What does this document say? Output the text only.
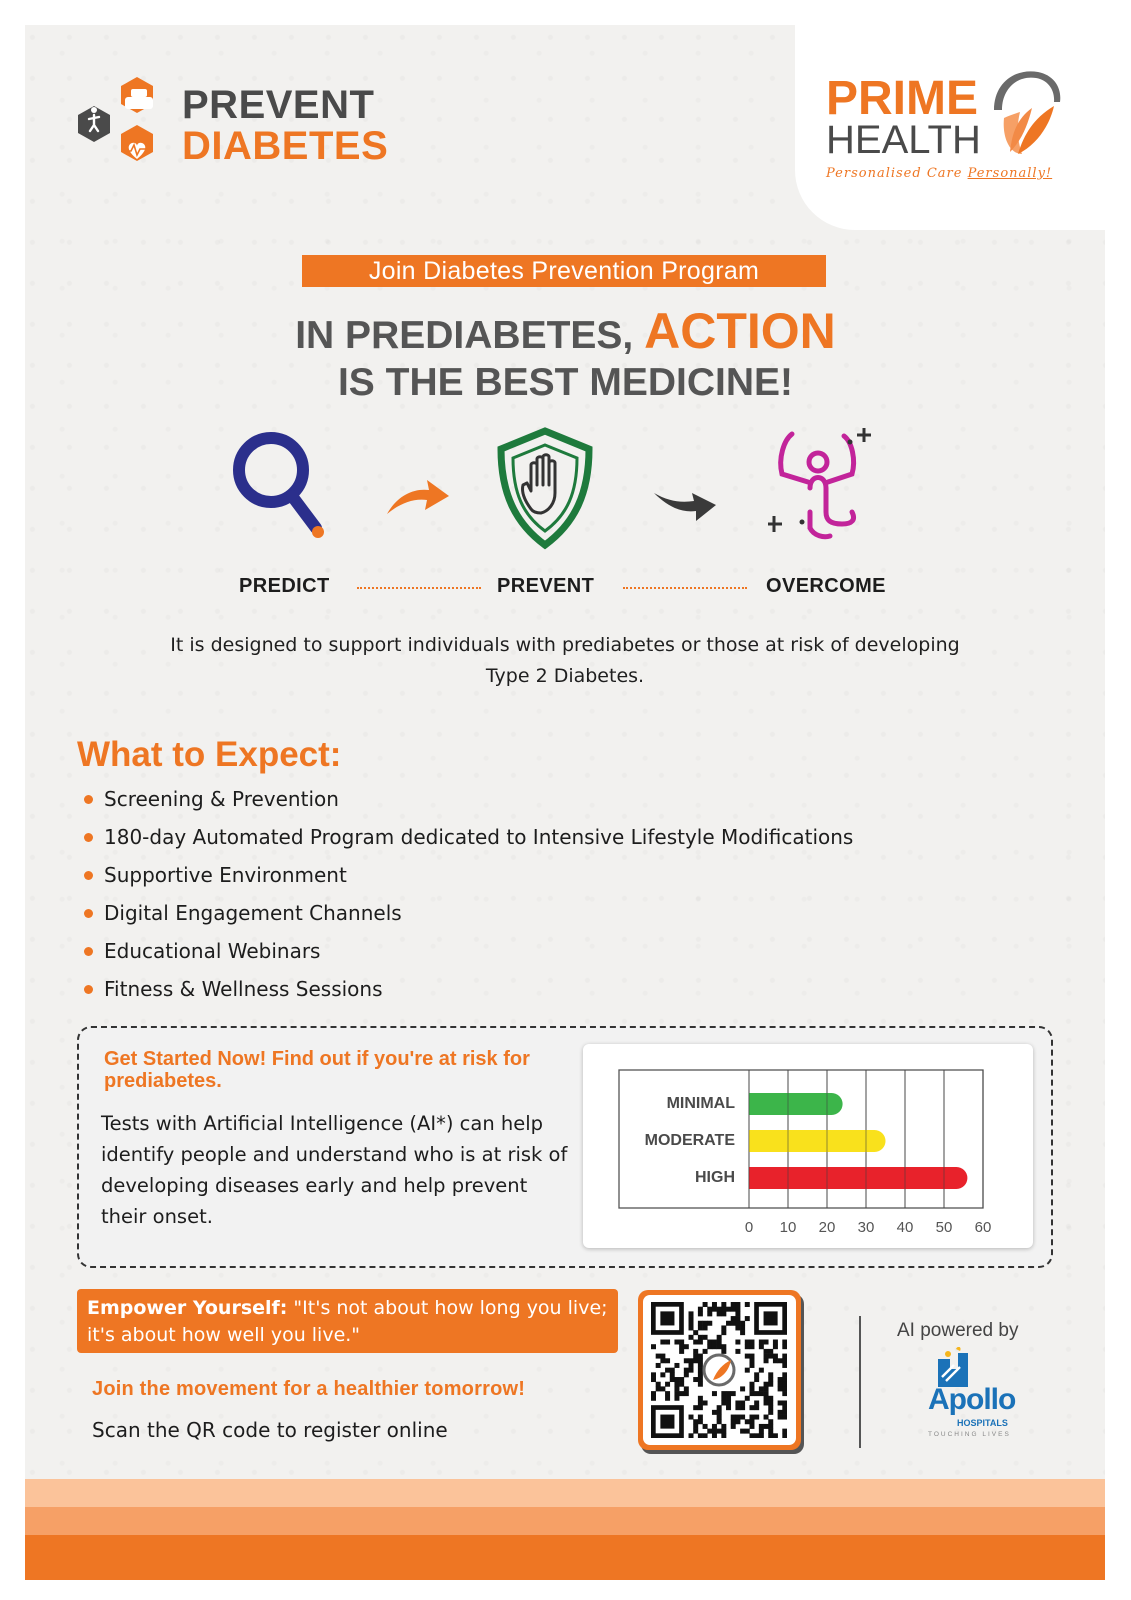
PREVENT
DIABETES
PRIME
HEALTH
Personalised Care Personally!
Join Diabetes Prevention Program
IN PREDIABETES, ACTION
IS THE BEST MEDICINE!
PREDICT	PREVENT	OVERCOME
It is designed to support individuals with prediabetes or those at risk of developing Type 2 Diabetes.
What to Expect:
Screening & Prevention
180-day Automated Program dedicated to Intensive Lifestyle Modifications
Supportive Environment
Digital Engagement Channels
Educational Webinars
Fitness & Wellness Sessions
Get Started Now! Find out if you're at risk for prediabetes.
Tests with Artificial Intelligence (AI*) can help identify people and understand who is at risk of developing diseases early and help prevent their onset.	0 10 20 30 40 50 60
MINIMAL
MODERATE
HIGH
Empower Yourself: "It's not about how long you live; it's about how well you live."
Join the movement for a healthier tomorrow!
Scan the QR code to register online
AI powered by
Apollo
HOSPITALS
TOUCHING LIVES
